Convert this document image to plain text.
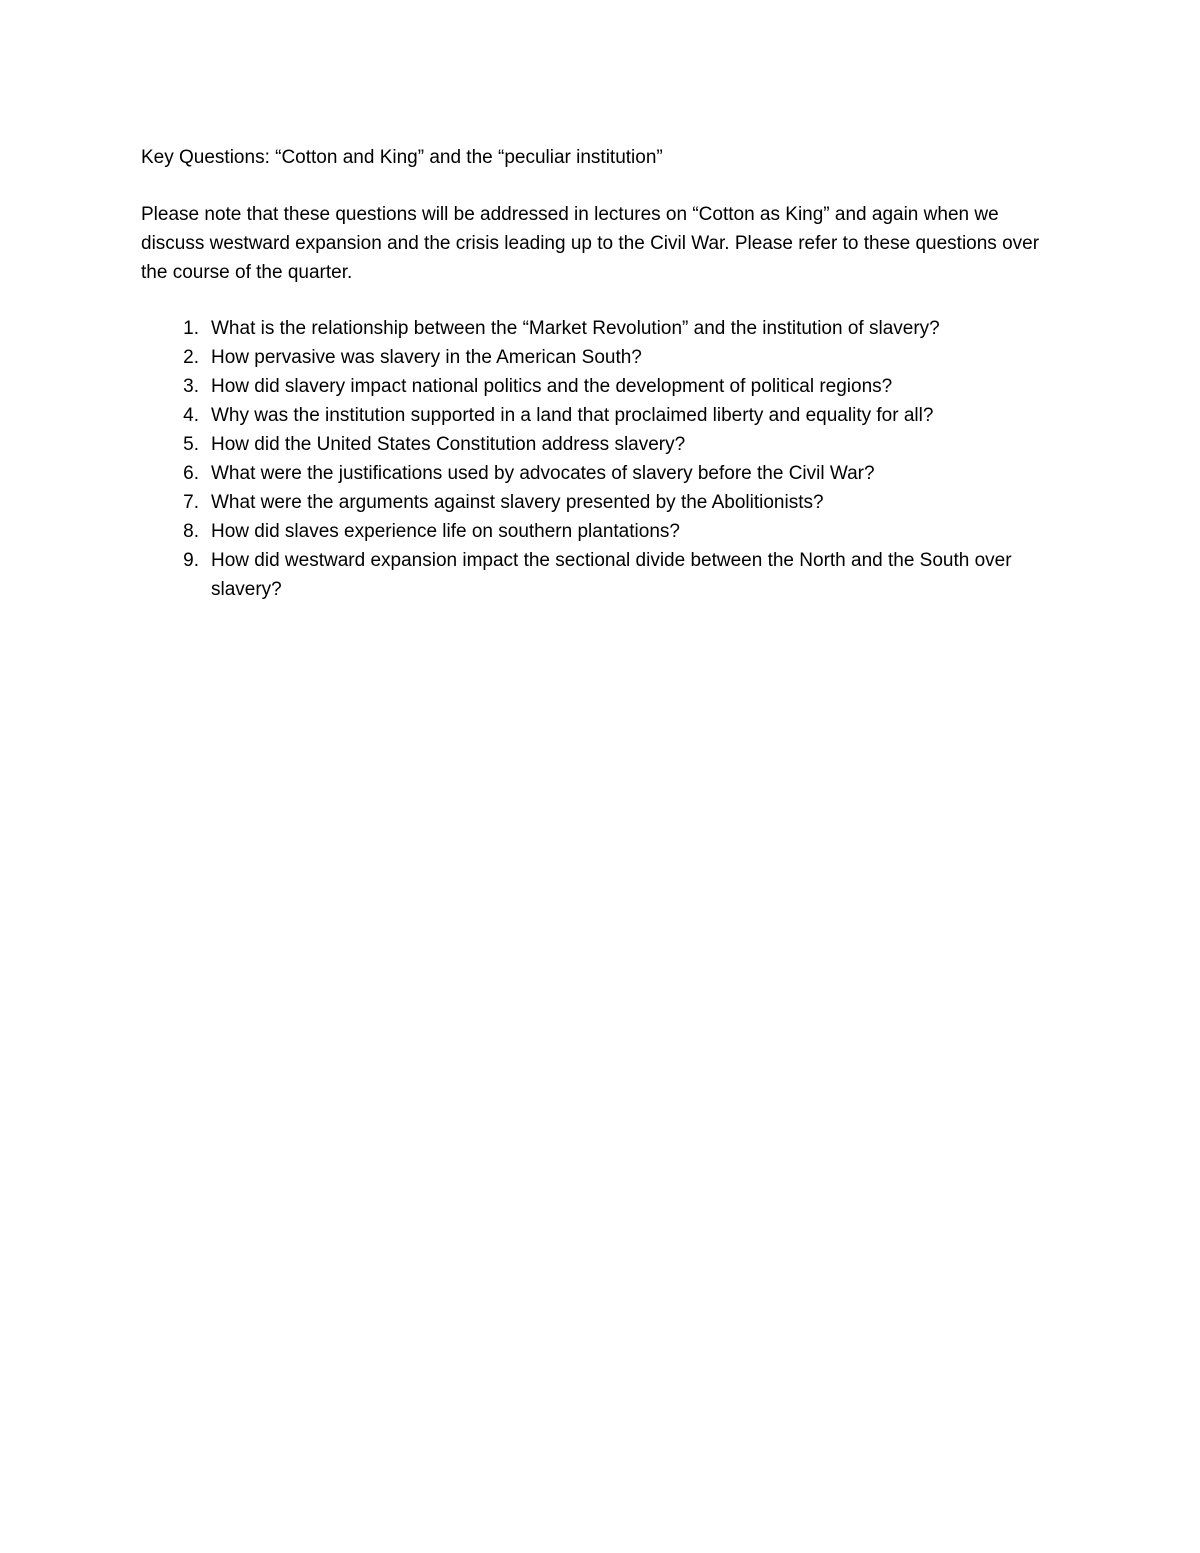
Key Questions: “Cotton and King” and the “peculiar institution”

Please note that these questions will be addressed in lectures on “Cotton as King” and again when we discuss westward expansion and the crisis leading up to the Civil War. Please refer to these questions over the course of the quarter.

1. What is the relationship between the “Market Revolution” and the institution of slavery?
2. How pervasive was slavery in the American South?
3. How did slavery impact national politics and the development of political regions?
4. Why was the institution supported in a land that proclaimed liberty and equality for all?
5. How did the United States Constitution address slavery?
6. What were the justifications used by advocates of slavery before the Civil War?
7. What were the arguments against slavery presented by the Abolitionists?
8. How did slaves experience life on southern plantations?
9. How did westward expansion impact the sectional divide between the North and the South over slavery?
